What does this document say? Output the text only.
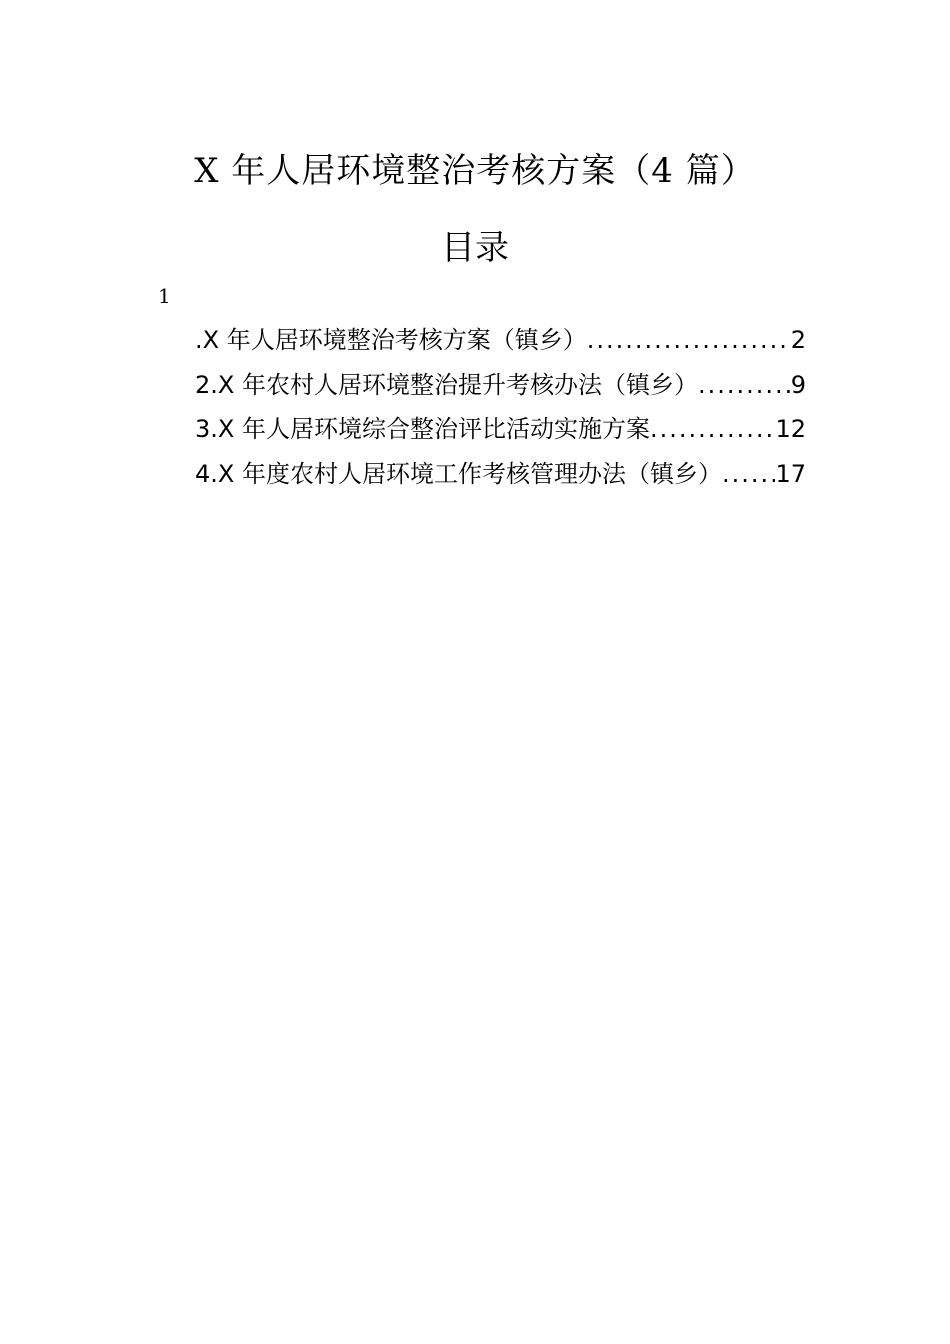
X 年人居环境整治考核方案（4 篇）
目录
1
.X 年人居环境整治考核方案（镇乡） .....	2
2.X 年农村人居环境整治提升考核办法（镇乡） .....	9
3.X 年人居环境综合整治评比活动实施方案 .....	12
4.X 年度农村人居环境工作考核管理办法（镇乡） ..... 17
